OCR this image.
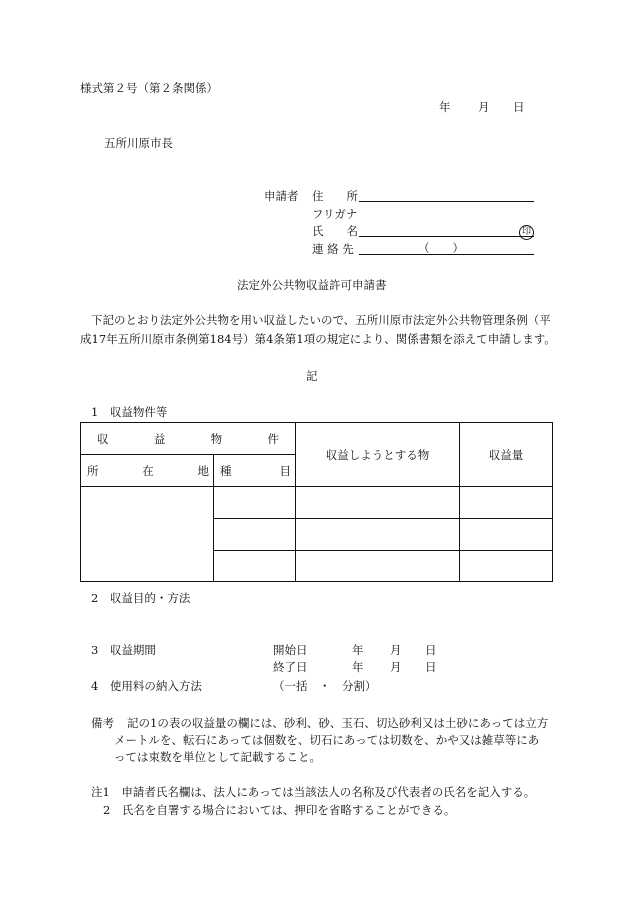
様式第２号（第２条関係）
年 月 日
五所川原市長
申請者 住　　所
フリガナ
氏　　名	印
連 絡 先	（　　）
法定外公共物収益許可申請書
下記のとおり法定外公共物を用い収益したいので、五所川原市法定外公共物管理条例（平
成17年五所川原市条例第184号）第4条第1項の規定により、関係書類を添えて申請します。
記
1　収益物件等
収 益 物 件		収益しようとする物	収益量

所 在 地	種 目		

2　収益目的・方法
3　収益期間	開始日	年 月 日
終了日	年 月 日
4　使用料の納入方法	（一括　・　分割）
備考 記の1の表の収益量の欄には、砂利、砂、玉石、切込砂利又は土砂にあっては立方
メートルを、転石にあっては個数を、切石にあっては切数を、かや又は雑草等にあ
っては束数を単位として記載すること。
注1　申請者氏名欄は、法人にあっては当該法人の名称及び代表者の氏名を記入する。
2　氏名を自署する場合においては、押印を省略することができる。
